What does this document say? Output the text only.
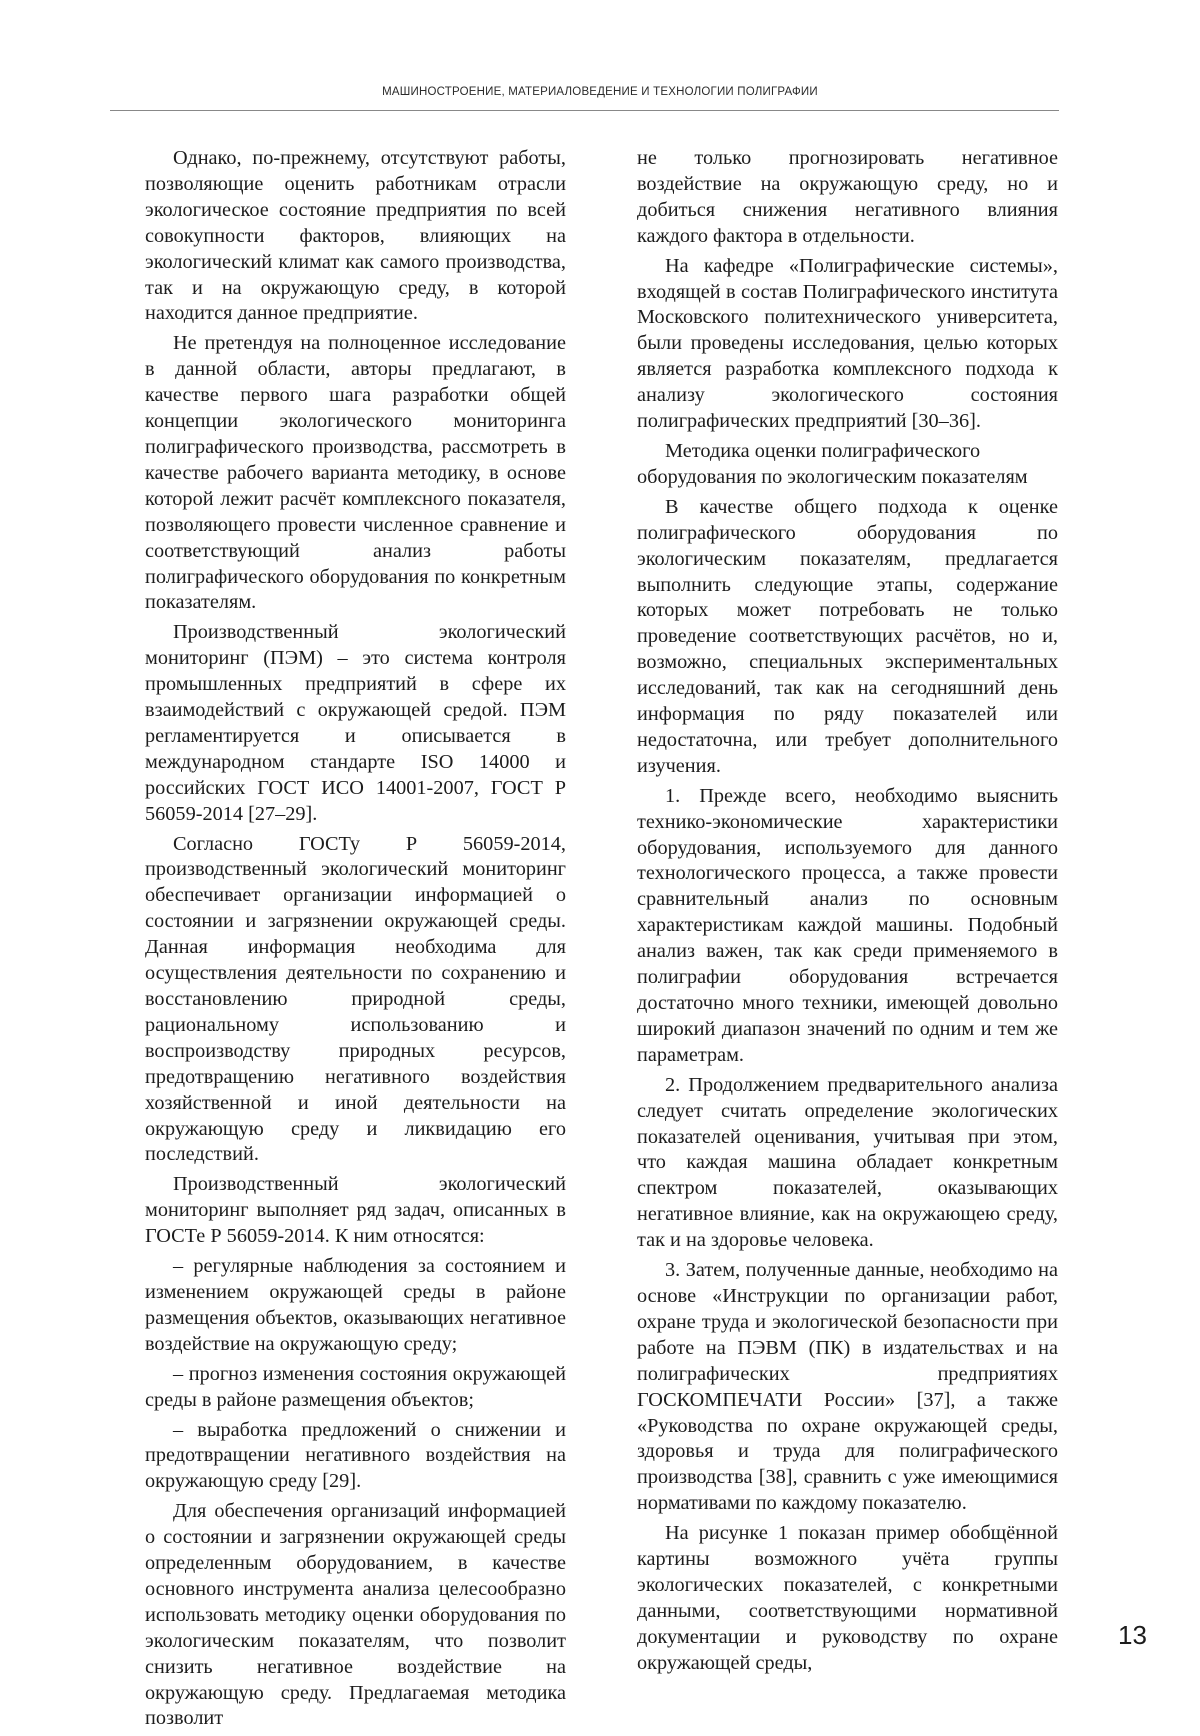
МАШИНОСТРОЕНИЕ, МАТЕРИАЛОВЕДЕНИЕ И ТЕХНОЛОГИИ ПОЛИГРАФИИ

Однако, по-прежнему, отсутствуют работы, позволяющие оценить работникам отрасли экологическое состояние предприятия по всей совокупности факторов, влияющих на экологический климат как самого производства, так и на окружающую среду, в которой находится данное предприятие.

Не претендуя на полноценное исследование в данной области, авторы предлагают, в качестве первого шага разработки общей концепции экологического мониторинга полиграфического производства, рассмотреть в качестве рабочего варианта методику, в основе которой лежит расчёт комплексного показателя, позволяющего провести численное сравнение и соответствующий анализ работы полиграфического оборудования по конкретным показателям.

Производственный экологический мониторинг (ПЭМ) – это система контроля промышленных предприятий в сфере их взаимодействий с окружающей средой. ПЭМ регламентируется и описывается в международном стандарте ISO 14000 и российских ГОСТ ИСО 14001-2007, ГОСТ Р 56059-2014 [27–29].

Согласно ГОСТу Р 56059-2014, производственный экологический мониторинг обеспечивает организации информацией о состоянии и загрязнении окружающей среды. Данная информация необходима для осуществления деятельности по сохранению и восстановлению природной среды, рациональному использованию и воспроизводству природных ресурсов, предотвращению негативного воздействия хозяйственной и иной деятельности на окружающую среду и ликвидацию его последствий.

Производственный экологический мониторинг выполняет ряд задач, описанных в ГОСТе Р 56059-2014. К ним относятся:

– регулярные наблюдения за состоянием и изменением окружающей среды в районе размещения объектов, оказывающих негативное воздействие на окружающую среду;

– прогноз изменения состояния окружающей среды в районе размещения объектов;

– выработка предложений о снижении и предотвращении негативного воздействия на окружающую среду [29].

Для обеспечения организаций информацией о состоянии и загрязнении окружающей среды определенным оборудованием, в качестве основного инструмента анализа целесообразно использовать методику оценки оборудования по экологическим показателям, что позволит снизить негативное воздействие на окружающую среду. Предлагаемая методика позволит

не только прогнозировать негативное воздействие на окружающую среду, но и добиться снижения негативного влияния каждого фактора в отдельности.

На кафедре «Полиграфические системы», входящей в состав Полиграфического института Московского политехнического университета, были проведены исследования, целью которых является разработка комплексного подхода к анализу экологического состояния полиграфических предприятий [30–36].

Методика оценки полиграфического оборудования по экологическим показателям

В качестве общего подхода к оценке полиграфического оборудования по экологическим показателям, предлагается выполнить следующие этапы, содержание которых может потребовать не только проведение соответствующих расчётов, но и, возможно, специальных экспериментальных исследований, так как на сегодняшний день информация по ряду показателей или недостаточна, или требует дополнительного изучения.

1. Прежде всего, необходимо выяснить технико-экономические характеристики оборудования, используемого для данного технологического процесса, а также провести сравнительный анализ по основным характеристикам каждой машины. Подобный анализ важен, так как среди применяемого в полиграфии оборудования встречается достаточно много техники, имеющей довольно широкий диапазон значений по одним и тем же параметрам.

2. Продолжением предварительного анализа следует считать определение экологических показателей оценивания, учитывая при этом, что каждая машина обладает конкретным спектром показателей, оказывающих негативное влияние, как на окружающею среду, так и на здоровье человека.

3. Затем, полученные данные, необходимо на основе «Инструкции по организации работ, охране труда и экологической безопасности при работе на ПЭВМ (ПК) в издательствах и на полиграфических предприятиях ГОСКОМПЕЧАТИ России» [37], а также «Руководства по охране окружающей среды, здоровья и труда для полиграфического производства [38], сравнить с уже имеющимися нормативами по каждому показателю.

На рисунке 1 показан пример обобщённой картины возможного учёта группы экологических показателей, с конкретными данными, соответствующими нормативной документации и руководству по охране окружающей среды,

13
